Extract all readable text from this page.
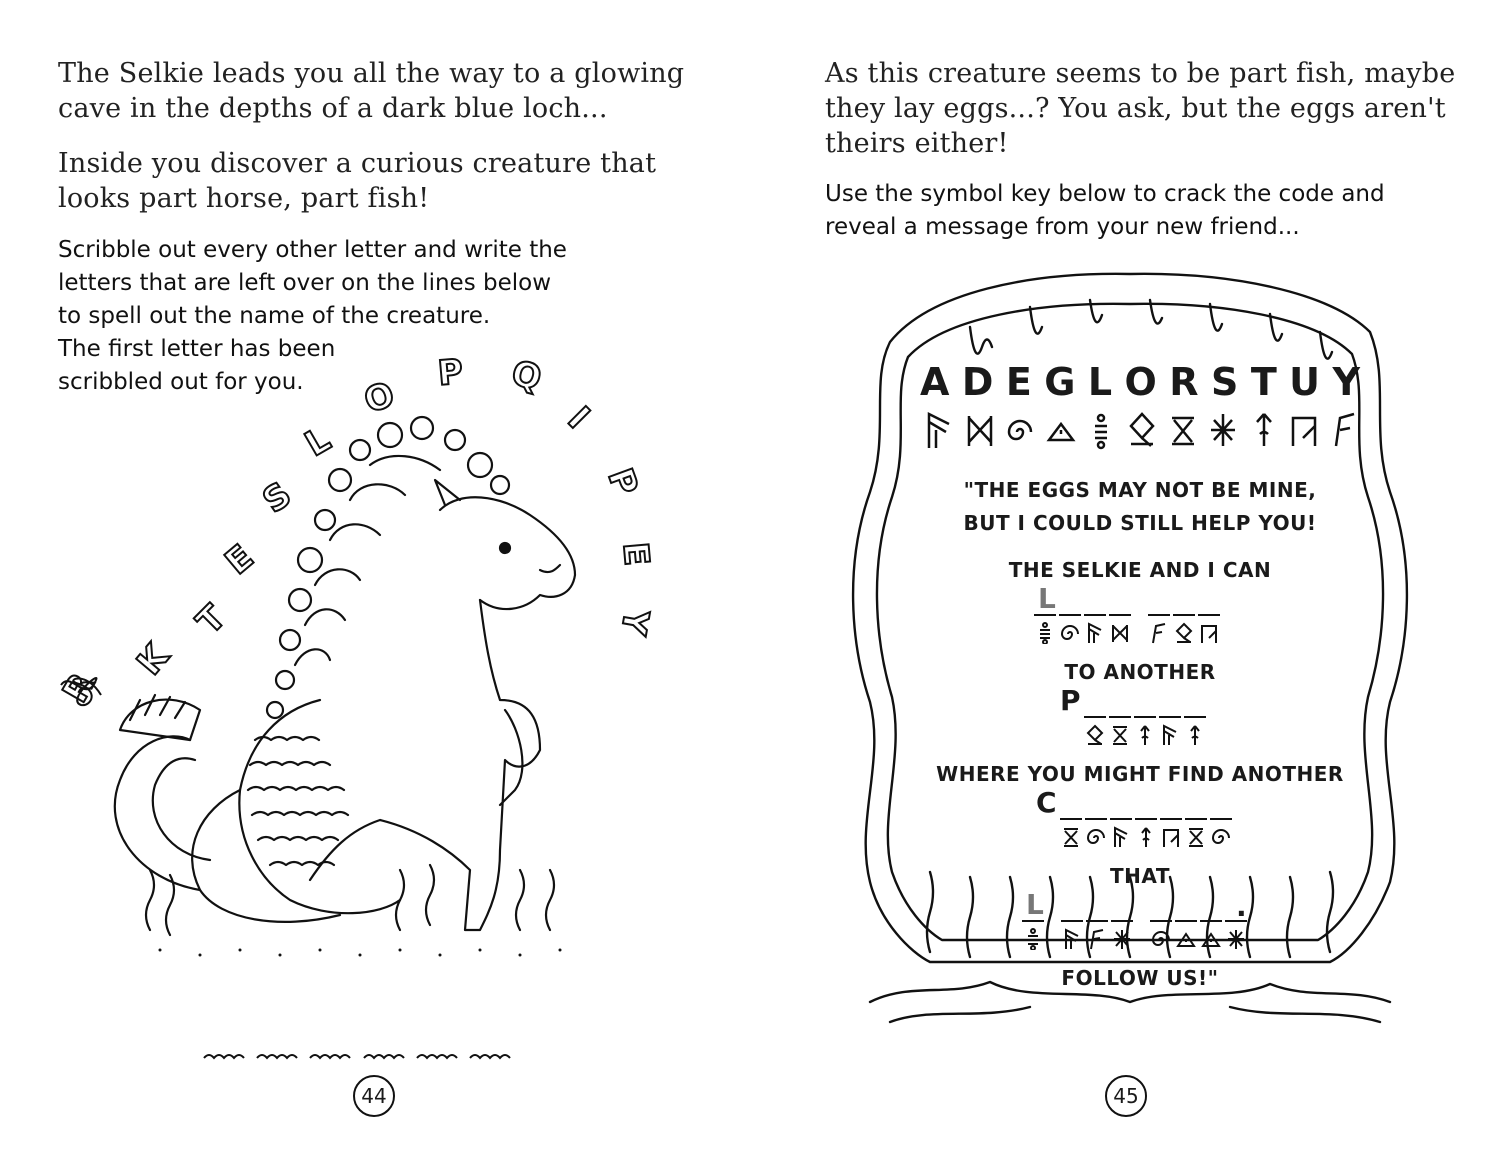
The Selkie leads you all the way to a glowing
cave in the depths of a dark blue loch...
Inside you discover a curious creature that
looks part horse, part fish!
Scribble out every other letter and write the
letters that are left over on the lines below
to spell out the name of the creature.
The first letter has been
scribbled out for you.
R
K
T
E
S
L
O
P Q
I
P
E
Y
44
As this creature seems to be part fish, maybe
they lay eggs...? You ask, but the eggs aren't
theirs either!
Use the symbol key below to crack the code and
reveal a message from your new friend...
A D E G L O R S T U Y
"THE EGGS MAY NOT BE MINE,
BUT I COULD STILL HELP YOU!
THE SELKIE AND I CAN
L
TO ANOTHER
P
WHERE YOU MIGHT FIND ANOTHER
C
THAT
L	.
FOLLOW US!"
45
